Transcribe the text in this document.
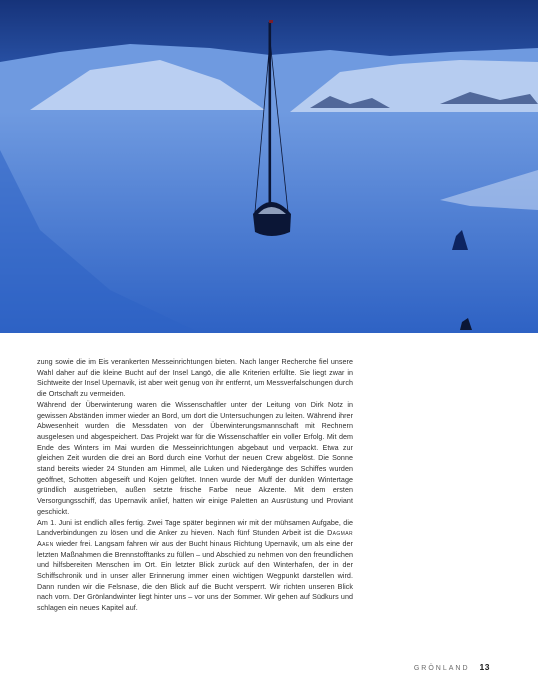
zung sowie die im Eis verankerten Messeinrichtungen bieten. Nach langer Recherche fiel unsere Wahl daher auf die kleine Bucht auf der Insel Langö, die alle Kriterien erfüllte. Sie liegt zwar in Sichtweite der Insel Upernavik, ist aber weit genug von ihr entfernt, um Messverfalschungen durch die Ortschaft zu vermeiden.

Während der Überwinterung waren die Wissenschaftler unter der Leitung von Dirk Notz in gewissen Abständen immer wieder an Bord, um dort die Untersuchungen zu leiten. Während ihrer Abwesenheit wurden die Messdaten von der Überwinterungsmannschaft mit Rechnern ausgelesen und abgespeichert. Das Projekt war für die Wissenschaftler ein voller Erfolg. Mit dem Ende des Winters im Mai wurden die Messeinrichtungen abgebaut und verpackt. Etwa zur gleichen Zeit wurden die drei an Bord durch eine Vorhut der neuen Crew abgelöst. Die Sonne stand bereits wieder 24 Stunden am Himmel, alle Luken und Niedergänge des Schiffes wurden geöffnet, Schotten abgeseift und Kojen gelüftet. Innen wurde der Muff der dunklen Wintertage gründlich ausgetrieben, außen setzte frische Farbe neue Akzente. Mit dem ersten Versorgungsschiff, das Upernavik anlief, hatten wir einige Paletten an Ausrüstung und Proviant geschickt.

Am 1. Juni ist endlich alles fertig. Zwei Tage später beginnen wir mit der mühsamen Aufgabe, die Landverbindungen zu lösen und die Anker zu hieven. Nach fünf Stunden Arbeit ist die Dagmar Aaen wieder frei. Langsam fahren wir aus der Bucht hinaus Richtung Upernavik, um als eine der letzten Maßnahmen die Brennstofftanks zu füllen – und Abschied zu nehmen von den freundlichen und hilfsbereiten Menschen im Ort. Ein letzter Blick zurück auf den Winterhafen, der in der Schiffschronik und in unser aller Erinnerung immer einen wichtigen Wegpunkt darstellen wird. Dann runden wir die Felsnase, die den Blick auf die Bucht versperrt. Wir richten unseren Blick nach vorn. Der Grönlandwinter liegt hinter uns – vor uns der Sommer. Wir gehen auf Südkurs und schlagen ein neues Kapitel auf.

GRÖNLAND 13
